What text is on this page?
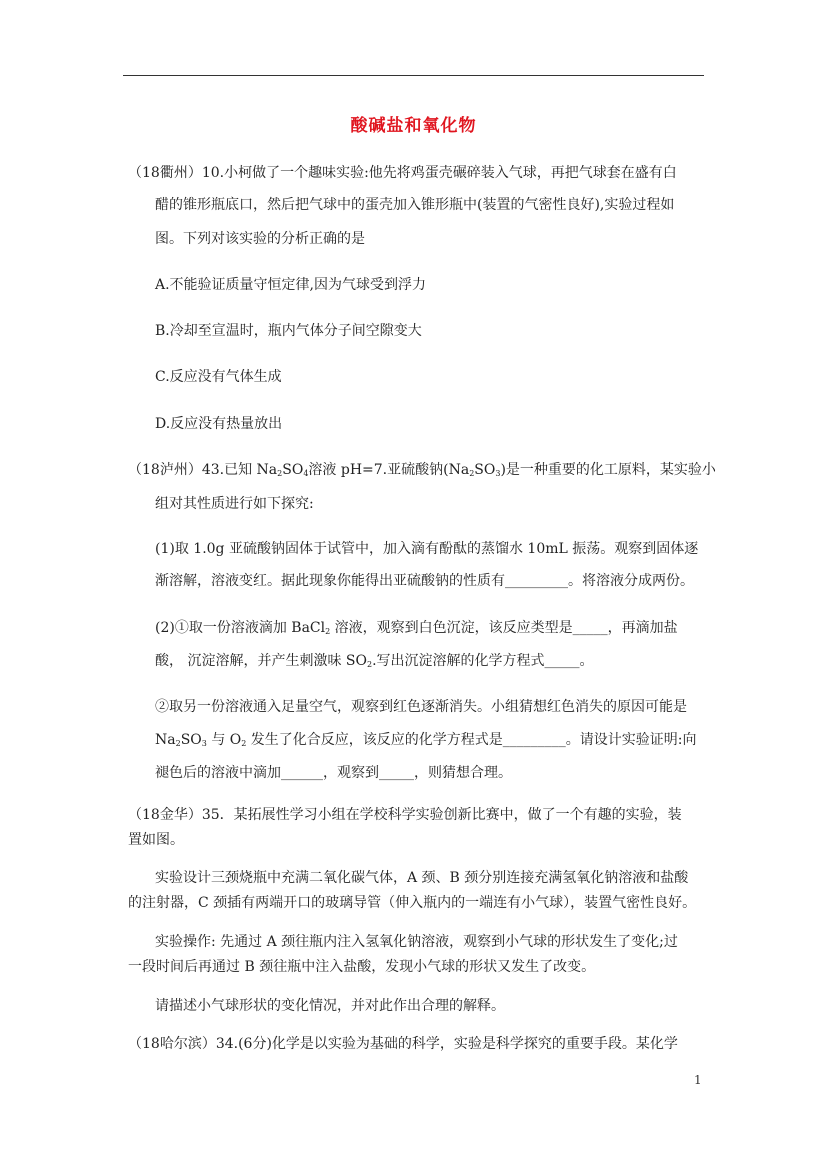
酸碱盐和氧化物
（18衢州）10.小柯做了一个趣味实验:他先将鸡蛋壳碾碎装入气球，再把气球套在盛有白
醋的锥形瓶底口，然后把气球中的蛋壳加入锥形瓶中(装置的气密性良好),实验过程如
图。下列对该实验的分析正确的是
A.不能验证质量守恒定律,因为气球受到浮力
B.冷却至宣温时，瓶内气体分子间空隙变大
C.反应没有气体生成
D.反应没有热量放出
（18泸州）43.已知 $Na_2SO_4$溶液 pH=7.亚硫酸钠$(Na_2SO_3)$是一种重要的化工原料，某实验小
组对其性质进行如下探究:
(1)取 1.0g 亚硫酸钠固体于试管中，加入滴有酚酞的蒸馏水 10mL 振荡。观察到固体逐
渐溶解，溶液变红。据此现象你能得出亚硫酸钠的性质有_________。将溶液分成两份。
(2)①取一份溶液滴加 BaCl$_2$ 溶液，观察到白色沉淀，该反应类型是_____，再滴加盐
酸， 沉淀溶解，并产生刺激味 $SO_2$.写出沉淀溶解的化学方程式_____。
②取另一份溶液通入足量空气，观察到红色逐渐消失。小组猜想红色消失的原因可能是
$Na_2SO_3$ 与 $O_2$ 发生了化合反应，该反应的化学方程式是_________。请设计实验证明:向
褪色后的溶液中滴加______，观察到_____，则猜想合理。
（18金华）35．某拓展性学习小组在学校科学实验创新比赛中，做了一个有趣的实验，装
置如图。
实验设计三颈烧瓶中充满二氧化碳气体，A 颈、B 颈分别连接充满氢氧化钠溶液和盐酸
的注射器，C 颈插有两端开口的玻璃导管（伸入瓶内的一端连有小气球），装置气密性良好。
实验操作: 先通过 A 颈往瓶内注入氢氧化钠溶液，观察到小气球的形状发生了变化;过
一段时间后再通过 B 颈往瓶中注入盐酸，发现小气球的形状又发生了改变。
请描述小气球形状的变化情况，并对此作出合理的解释。
（18哈尔滨）34.(6分)化学是以实验为基础的科学，实验是科学探究的重要手段。某化学
1
